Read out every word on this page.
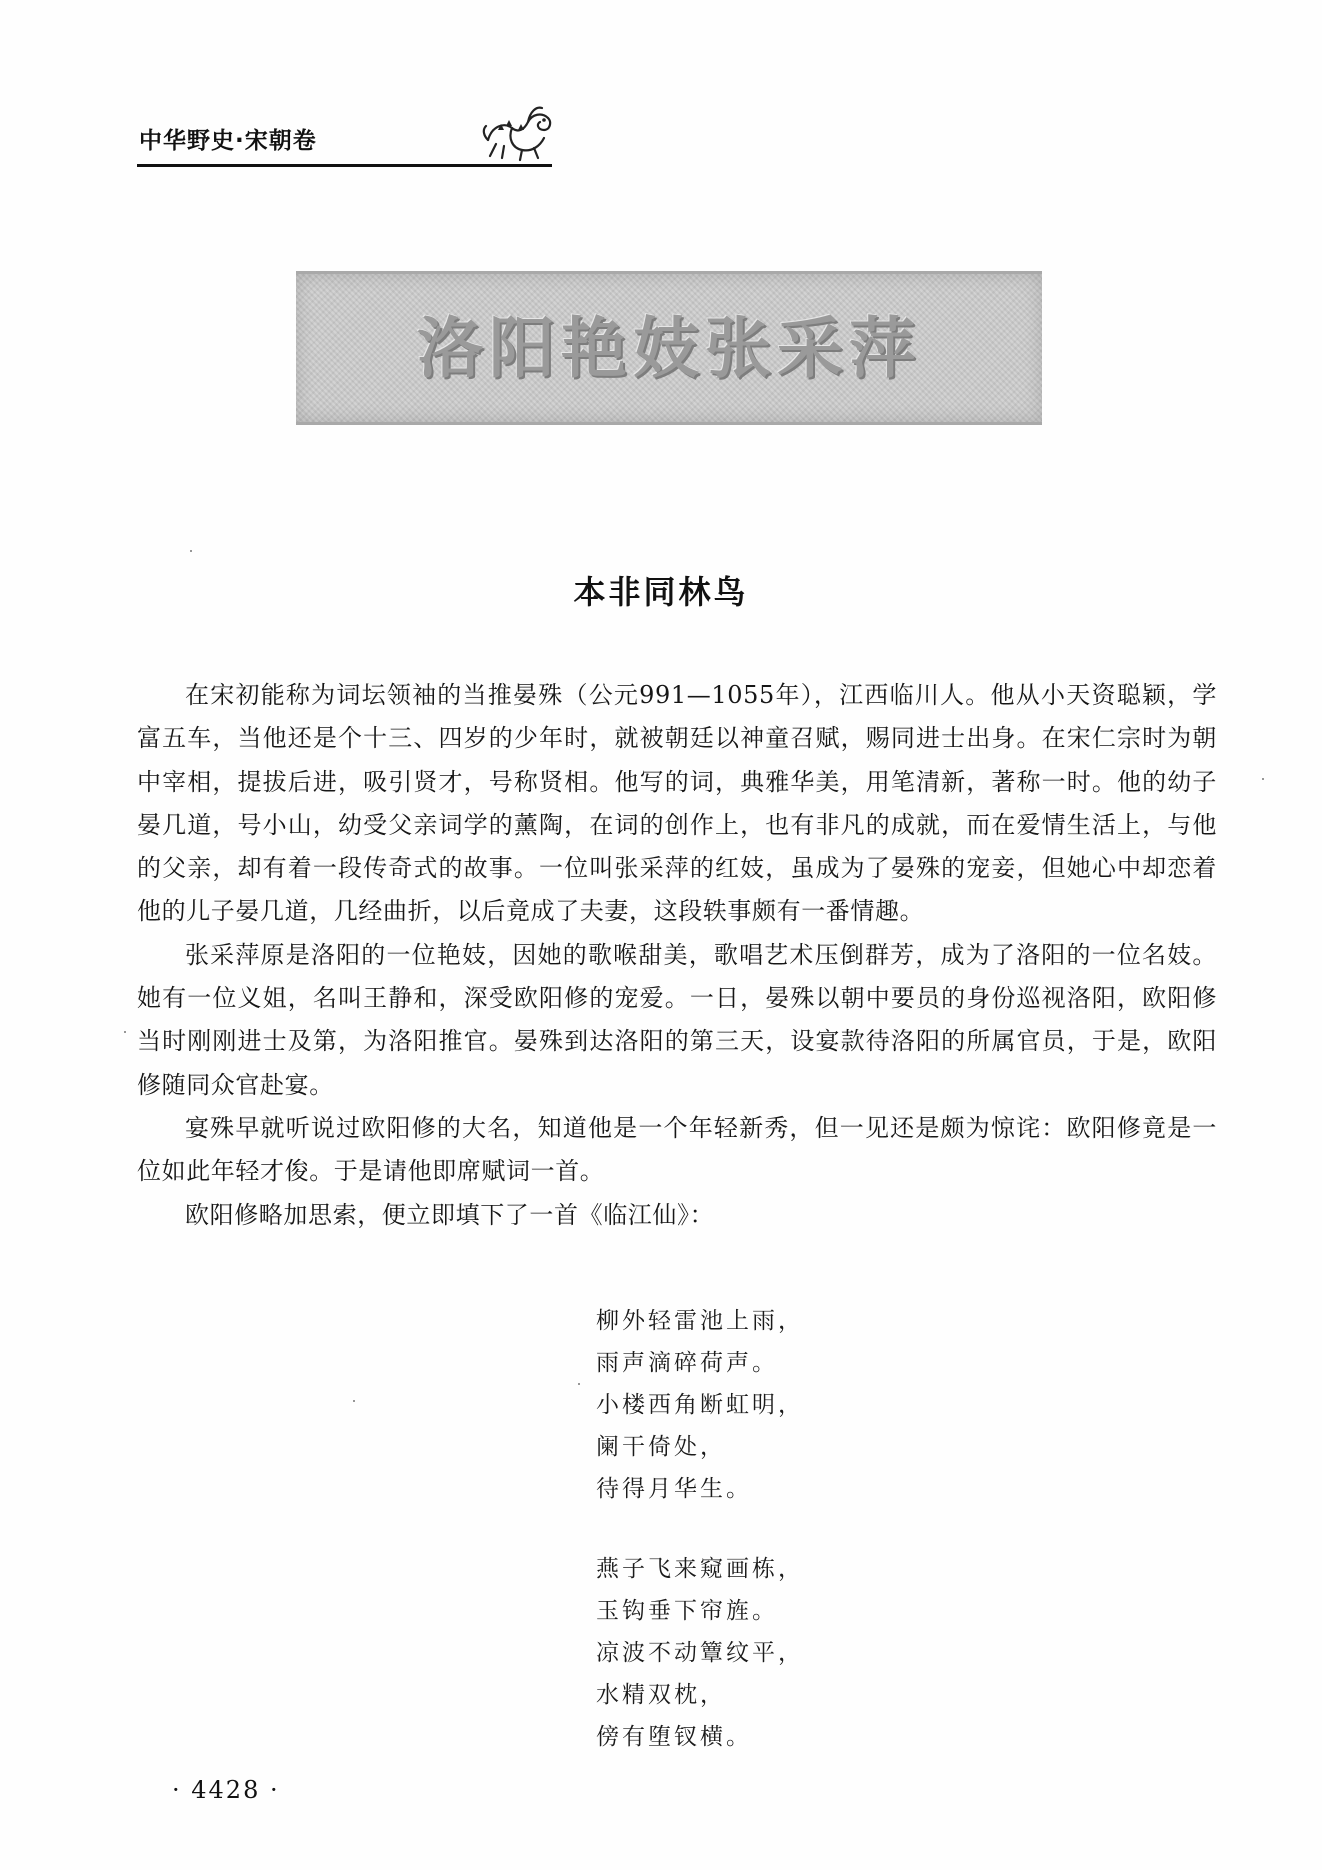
中华野史·宋朝卷
洛阳艳妓张采萍
本非同林鸟

在宋初能称为词坛领袖的当推晏殊（公元991—1055年），江西临川人。他从小天资聪颖，学富五车，当他还是个十三、四岁的少年时，就被朝廷以神童召赋，赐同进士出身。在宋仁宗时为朝中宰相，提拔后进，吸引贤才，号称贤相。他写的词，典雅华美，用笔清新，著称一时。他的幼子晏几道，号小山，幼受父亲词学的薰陶，在词的创作上，也有非凡的成就，而在爱情生活上，与他的父亲，却有着一段传奇式的故事。一位叫张采萍的红妓，虽成为了晏殊的宠妾，但她心中却恋着他的儿子晏几道，几经曲折，以后竟成了夫妻，这段轶事颇有一番情趣。

张采萍原是洛阳的一位艳妓，因她的歌喉甜美，歌唱艺术压倒群芳，成为了洛阳的一位名妓。她有一位义姐，名叫王静和，深受欧阳修的宠爱。一日，晏殊以朝中要员的身份巡视洛阳，欧阳修当时刚刚进士及第，为洛阳推官。晏殊到达洛阳的第三天，设宴款待洛阳的所属官员，于是，欧阳修随同众官赴宴。

宴殊早就听说过欧阳修的大名，知道他是一个年轻新秀，但一见还是颇为惊诧：欧阳修竟是一位如此年轻才俊。于是请他即席赋词一首。

欧阳修略加思索，便立即填下了一首《临江仙》：

柳外轻雷池上雨，
雨声滴碎荷声。
小楼西角断虹明，
阑干倚处，
待得月华生。
燕子飞来窥画栋，
玉钩垂下帘旌。
凉波不动簟纹平，
水精双枕，
傍有堕钗横。
· 4428 ·
